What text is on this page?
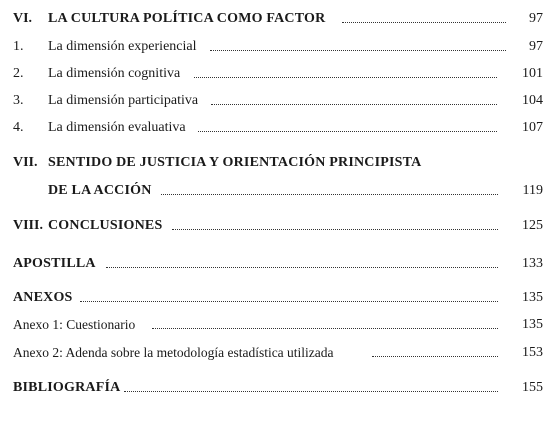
VI. LA CULTURA POLÍTICA COMO FACTOR	97
1. La dimensión experiencial	97
2. La dimensión cognitiva	101
3. La dimensión participativa	104
4. La dimensión evaluativa	107
VII. SENTIDO DE JUSTICIA Y ORIENTACIÓN PRINCIPISTA
DE LA ACCIÓN	119
VIII. CONCLUSIONES	125
APOSTILLA	133
ANEXOS	135
Anexo 1: Cuestionario	135
Anexo 2: Adenda sobre la metodología estadística utilizada	153
BIBLIOGRAFÍA	155
